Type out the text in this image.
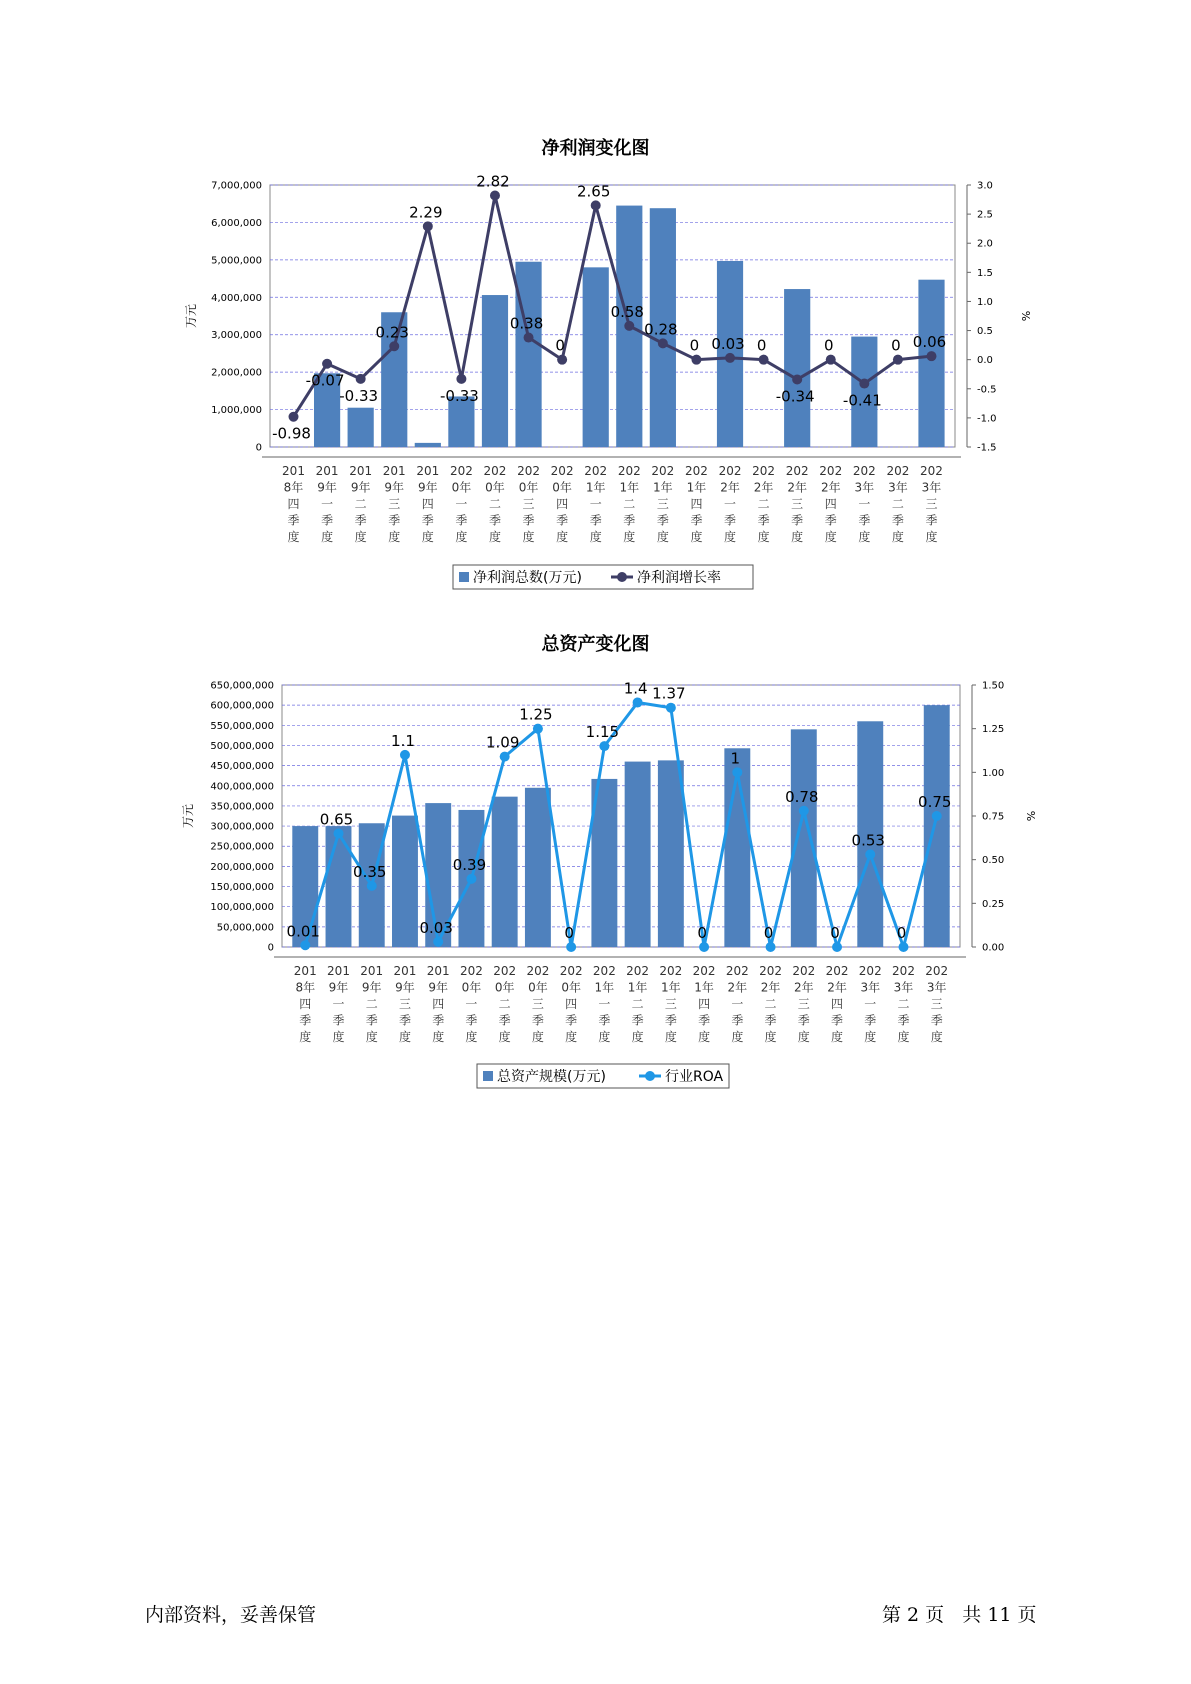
净利润变化图
0
1,000,000
2,000,000
3,000,000
4,000,000
5,000,000
6,000,000
7,000,000
-1.5
-1.0
-0.5
0.0
0.5
1.0
1.5
2.0
2.5
3.0
万元	%
201 8年四季度
201 9年一季度
201 9年二季度
201 9年三季度
201 9年四季度
202 0年一季度
202 0年二季度
202 0年三季度
202 0年四季度
202 1年一季度
202 1年二季度
202 1年三季度
202 1年四季度
202 2年一季度
202 2年二季度
202 2年三季度
202 2年四季度
202 3年一季度
202 3年二季度
202 3年三季度
-0.98
-0.07
-0.33
0.23
2.29
-0.33
2.82
0.38
0
2.65
0.58
0.28
0 0.03 0
-0.34
0
-0.41
0 0.06
净利润总数(万元)	净利润增长率
总资产变化图
0
50,000,000
100,000,000
150,000,000
200,000,000
250,000,000
300,000,000
350,000,000
400,000,000
450,000,000
500,000,000
550,000,000
600,000,000
650,000,000
0.00
0.25
0.50
0.75
1.00
1.25
1.50
万元	%
201 8年四季度
201 9年一季度
201 9年二季度
201 9年三季度
201 9年四季度
202 0年一季度
202 0年二季度
202 0年三季度
202 0年四季度
202 1年一季度
202 1年二季度
202 1年三季度
202 1年四季度
202 2年一季度
202 2年二季度
202 2年三季度
202 2年四季度
202 3年一季度
202 3年二季度
202 3年三季度
0.01
0.65
0.35
1.1
0.03
0.39
1.09
1.25
0
1.15
1.4 1.37
0
1
0
0.78
0
0.53
0
0.75
总资产规模(万元)	行业ROA
内部资料，妥善保管	第 2 页   共 11 页
